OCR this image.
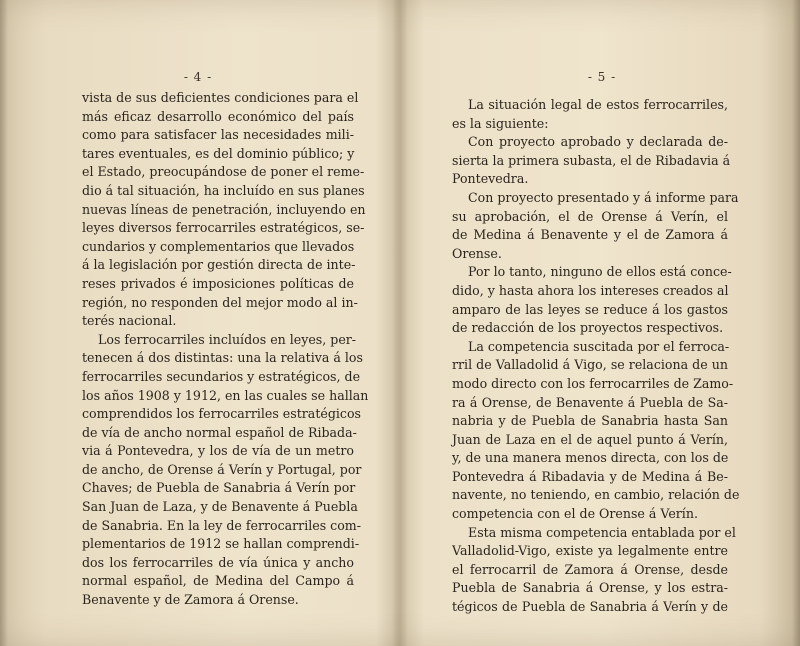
- 4 -
vista de sus deficientes condiciones para el
más eficaz desarrollo económico del país
como para satisfacer las necesidades mili-
tares eventuales, es del dominio público; y
el Estado, preocupándose de poner el reme-
dio á tal situación, ha incluído en sus planes
nuevas líneas de penetración, incluyendo en
leyes diversos ferrocarriles estratégicos, se-
cundarios y complementarios que llevados
á la legislación por gestión directa de inte-
reses privados é imposiciones políticas de
región, no responden del mejor modo al in-
terés nacional.
Los ferrocarriles incluídos en leyes, per-
tenecen á dos distintas: una la relativa á los
ferrocarriles secundarios y estratégicos, de
los años 1908 y 1912, en las cuales se hallan
comprendidos los ferrocarriles estratégicos
de vía de ancho normal español de Ribada-
via á Pontevedra, y los de vía de un metro
de ancho, de Orense á Verín y Portugal, por
Chaves; de Puebla de Sanabria á Verín por
San Juan de Laza, y de Benavente á Puebla
de Sanabria. En la ley de ferrocarriles com-
plementarios de 1912 se hallan comprendi-
dos los ferrocarriles de vía única y ancho
normal español, de Medina del Campo á
Benavente y de Zamora á Orense.
- 5 -
La situación legal de estos ferrocarriles,
es la siguiente:
Con proyecto aprobado y declarada de-
sierta la primera subasta, el de Ribadavia á
Pontevedra.
Con proyecto presentado y á informe para
su aprobación, el de Orense á Verín, el
de Medina á Benavente y el de Zamora á
Orense.
Por lo tanto, ninguno de ellos está conce-
dido, y hasta ahora los intereses creados al
amparo de las leyes se reduce á los gastos
de redacción de los proyectos respectivos.
La competencia suscitada por el ferroca-
rril de Valladolid á Vigo, se relaciona de un
modo directo con los ferrocarriles de Zamo-
ra á Orense, de Benavente á Puebla de Sa-
nabria y de Puebla de Sanabria hasta San
Juan de Laza en el de aquel punto á Verín,
y, de una manera menos directa, con los de
Pontevedra á Ribadavia y de Medina á Be-
navente, no teniendo, en cambio, relación de
competencia con el de Orense á Verín.
Esta misma competencia entablada por el
Valladolid-Vigo, existe ya legalmente entre
el ferrocarril de Zamora á Orense, desde
Puebla de Sanabria á Orense, y los estra-
tégicos de Puebla de Sanabria á Verín y de
